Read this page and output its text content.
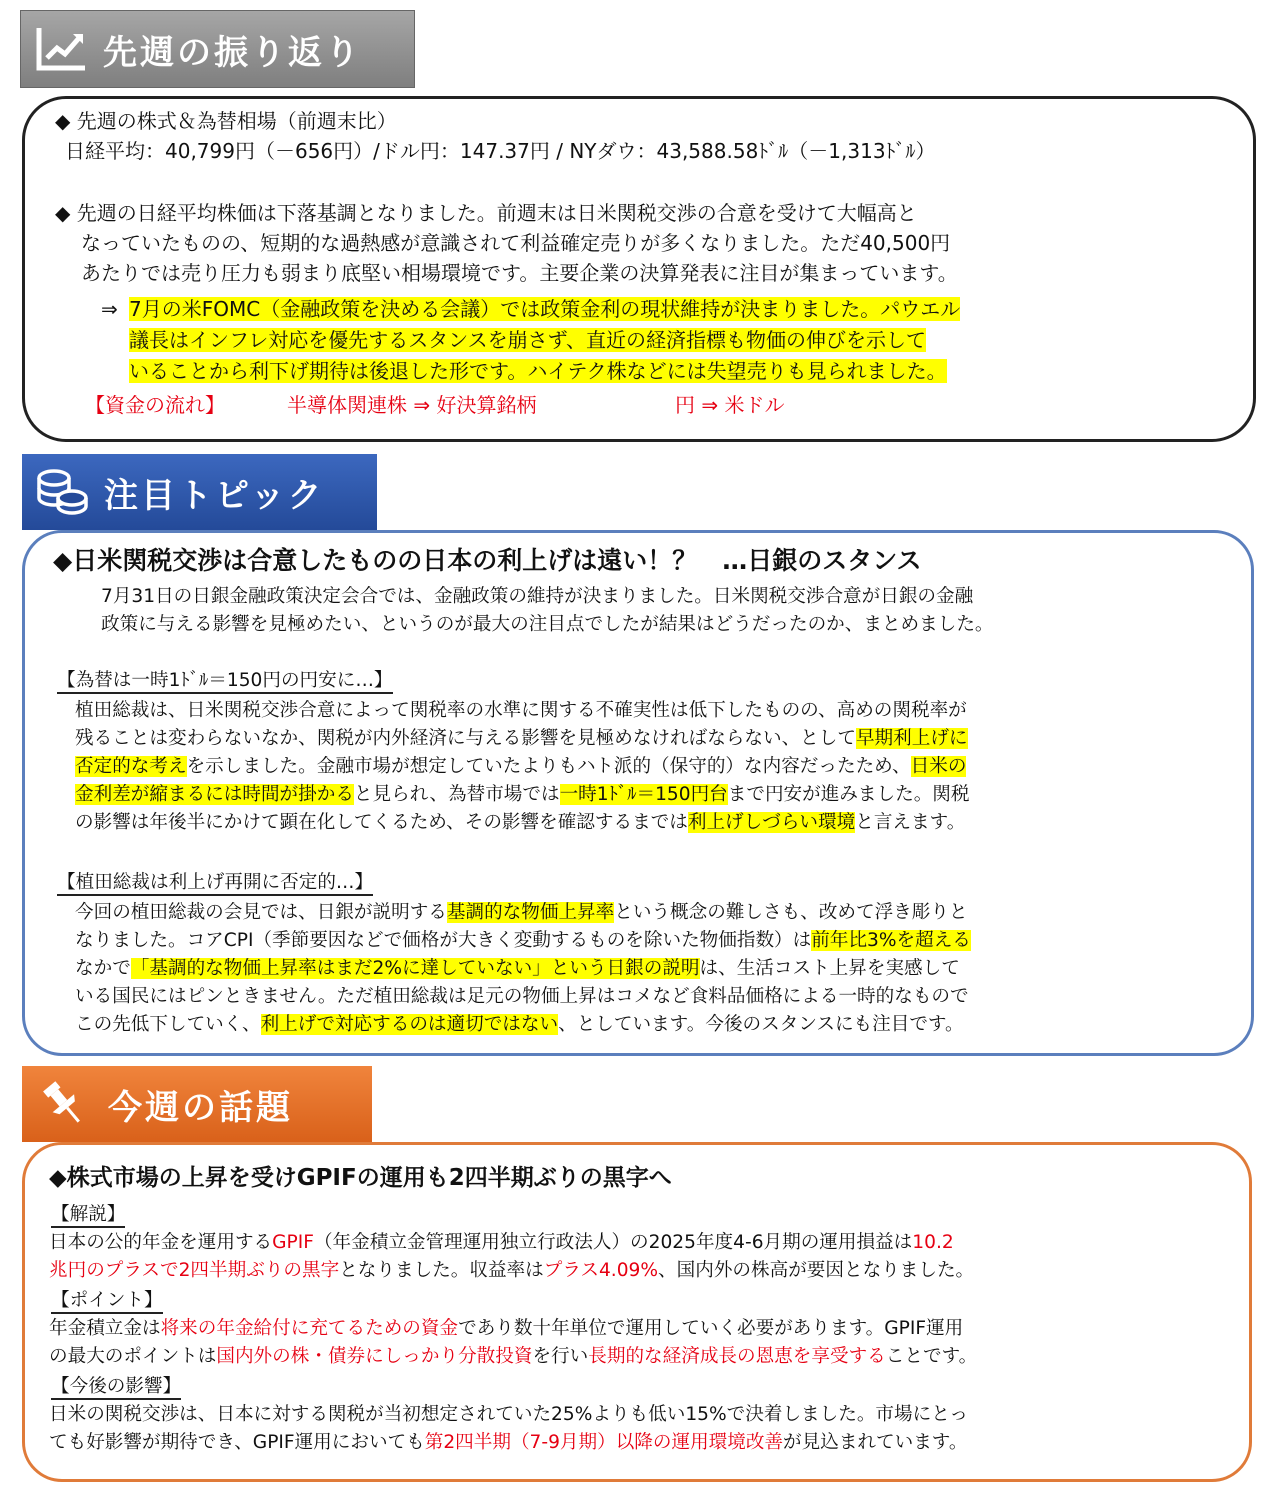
先週の振り返り
◆ 先週の株式＆為替相場（前週末比）
日経平均：40,799円（－656円）/ドル円：147.37円 / NYダウ：43,588.58ﾄﾞﾙ（－1,313ﾄﾞﾙ）
◆ 先週の日経平均株価は下落基調となりました。前週末は日米関税交渉の合意を受けて大幅高と
なっていたものの、短期的な過熱感が意識されて利益確定売りが多くなりました。ただ40,500円
あたりでは売り圧力も弱まり底堅い相場環境です。主要企業の決算発表に注目が集まっています。
⇒ 7月の米FOMC（金融政策を決める会議）では政策金利の現状維持が決まりました。パウエル
議長はインフレ対応を優先するスタンスを崩さず、直近の経済指標も物価の伸びを示して
いることから利下げ期待は後退した形です。ハイテク株などには失望売りも見られました。
【資金の流れ】	半導体関連株 ⇒ 好決算銘柄	円 ⇒ 米ドル
注目トピック
◆日米関税交渉は合意したものの日本の利上げは遠い！？　…日銀のスタンス
7月31日の日銀金融政策決定会合では、金融政策の維持が決まりました。日米関税交渉合意が日銀の金融
政策に与える影響を見極めたい、というのが最大の注目点でしたが結果はどうだったのか、まとめました。
【為替は一時1ﾄﾞﾙ＝150円の円安に…】
植田総裁は、日米関税交渉合意によって関税率の水準に関する不確実性は低下したものの、高めの関税率が
残ることは変わらないなか、関税が内外経済に与える影響を見極めなければならない、として早期利上げに
否定的な考えを示しました。金融市場が想定していたよりもハト派的（保守的）な内容だったため、日米の
金利差が縮まるには時間が掛かると見られ、為替市場では一時1ﾄﾞﾙ＝150円台まで円安が進みました。関税
の影響は年後半にかけて顕在化してくるため、その影響を確認するまでは利上げしづらい環境と言えます。
【植田総裁は利上げ再開に否定的…】
今回の植田総裁の会見では、日銀が説明する基調的な物価上昇率という概念の難しさも、改めて浮き彫りと
なりました。コアCPI（季節要因などで価格が大きく変動するものを除いた物価指数）は前年比3%を超える
なかで「基調的な物価上昇率はまだ2%に達していない」という日銀の説明は、生活コスト上昇を実感して
いる国民にはピンときません。ただ植田総裁は足元の物価上昇はコメなど食料品価格による一時的なもので
この先低下していく、利上げで対応するのは適切ではない、としています。今後のスタンスにも注目です。
今週の話題
◆株式市場の上昇を受けGPIFの運用も2四半期ぶりの黒字へ
【解説】
日本の公的年金を運用するGPIF（年金積立金管理運用独立行政法人）の2025年度4-6月期の運用損益は10.2
兆円のプラスで2四半期ぶりの黒字となりました。収益率はプラス4.09%、国内外の株高が要因となりました。
【ポイント】
年金積立金は将来の年金給付に充てるための資金であり数十年単位で運用していく必要があります。GPIF運用
の最大のポイントは国内外の株・債券にしっかり分散投資を行い長期的な経済成長の恩恵を享受することです。
【今後の影響】
日米の関税交渉は、日本に対する関税が当初想定されていた25%よりも低い15%で決着しました。市場にとっ
ても好影響が期待でき、GPIF運用においても第2四半期（7-9月期）以降の運用環境改善が見込まれています。
